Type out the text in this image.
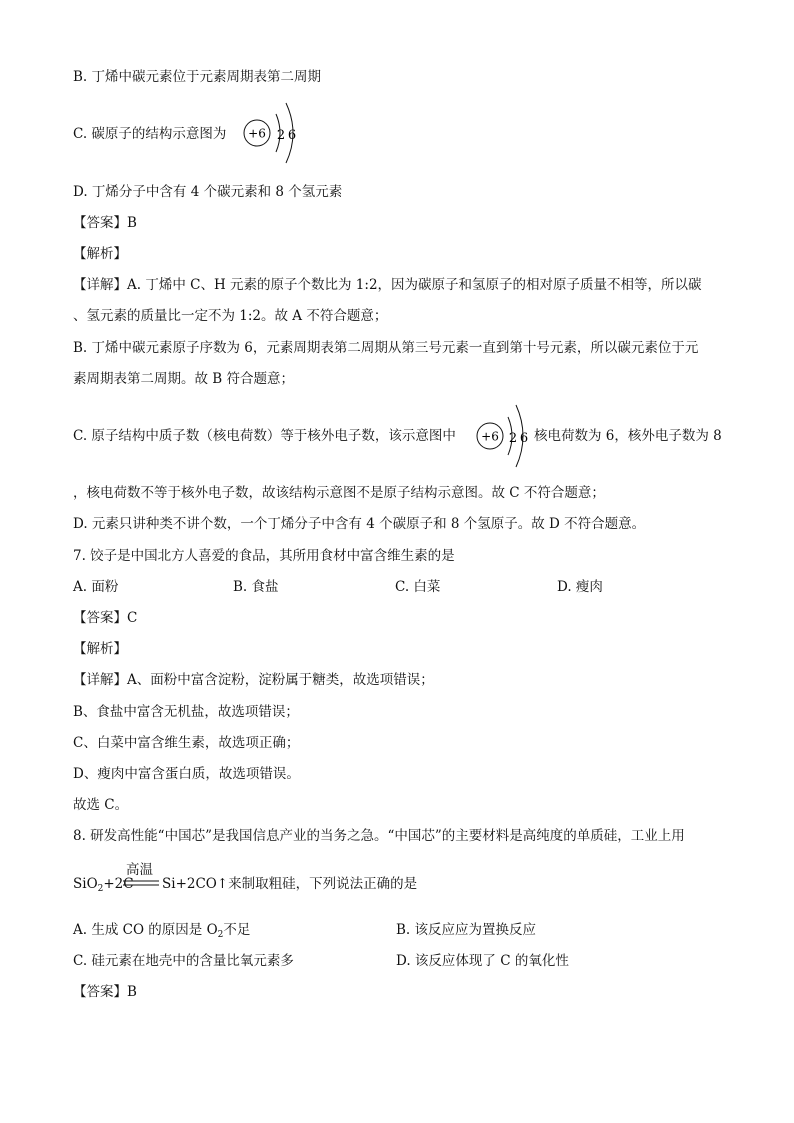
B. 丁烯中碳元素位于元素周期表第二周期
C. 碳原子的结构示意图为 +6 2 6
D. 丁烯分子中含有 4 个碳元素和 8 个氢元素
【答案】B
【解析】
【详解】A. 丁烯中 C、H 元素的原子个数比为 1:2，因为碳原子和氢原子的相对原子质量不相等，所以碳
、氢元素的质量比一定不为 1:2。故 A 不符合题意；
B. 丁烯中碳元素原子序数为 6，元素周期表第二周期从第三号元素一直到第十号元素，所以碳元素位于元
素周期表第二周期。故 B 符合题意；
C. 原子结构中质子数（核电荷数）等于核外电子数，该示意图中 +6 2 6 核电荷数为 6，核外电子数为 8
，核电荷数不等于核外电子数，故该结构示意图不是原子结构示意图。故 C 不符合题意；
D. 元素只讲种类不讲个数，一个丁烯分子中含有 4 个碳原子和 8 个氢原子。故 D 不符合题意。
7. 饺子是中国北方人喜爱的食品，其所用食材中富含维生素的是
A. 面粉	B. 食盐	C. 白菜	D. 瘦肉
【答案】C
【解析】
【详解】A、面粉中富含淀粉，淀粉属于糖类，故选项错误；
B、食盐中富含无机盐，故选项错误；
C、白菜中富含维生素，故选项正确；
D、瘦肉中富含蛋白质，故选项错误。
故选 C。
8. 研发高性能“中国芯”是我国信息产业的当务之急。“中国芯”的主要材料是高纯度的单质硅，工业上用
SiO$_2$+2C
高温
Si+2CO↑来制取粗硅，下列说法正确的是
A. 生成 CO 的原因是 $O_2$不足	B. 该反应应为置换反应
C. 硅元素在地壳中的含量比氧元素多	D. 该反应体现了 C 的氧化性
【答案】B
